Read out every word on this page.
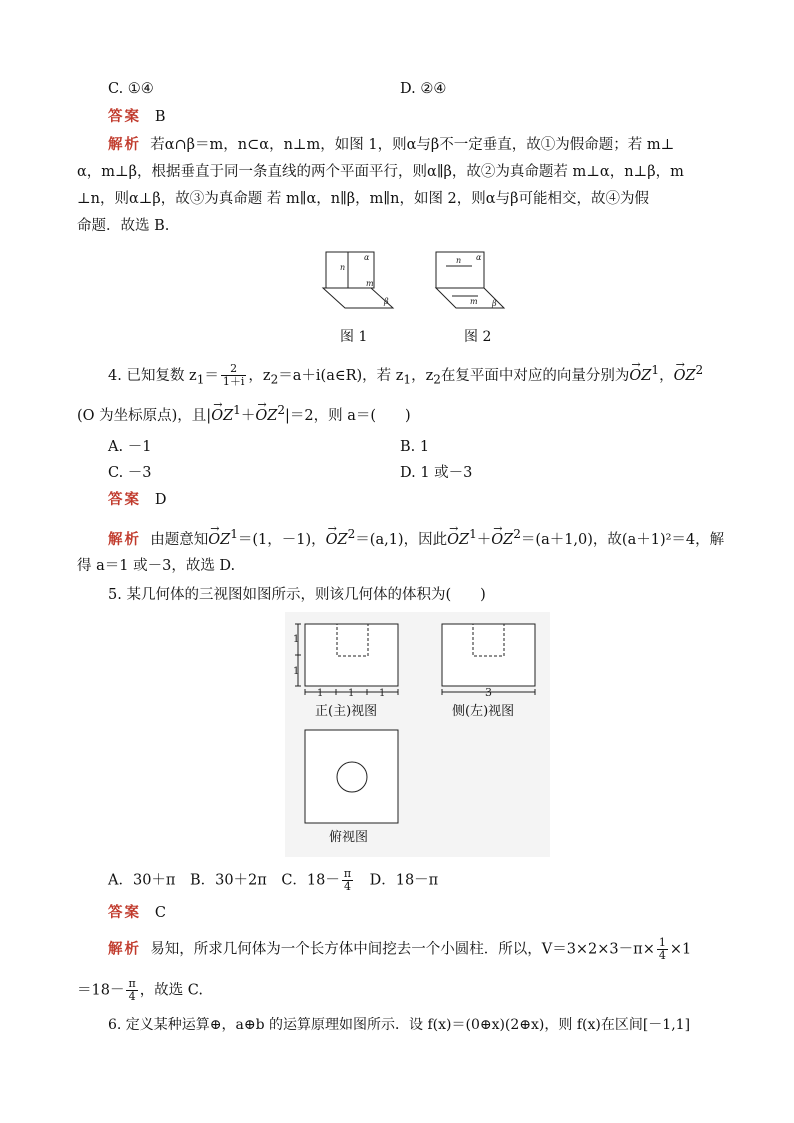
C. ①④	D. ②④
答案 B
解析 若α∩β＝m，n⊂α，n⊥m，如图 1，则α与β不一定垂直，故①为假命题；若 m⊥
α，m⊥β，根据垂直于同一条直线的两个平面平行，则α∥β，故②为真命题若 m⊥α，n⊥β，m
⊥n，则α⊥β，故③为真命题 若 m∥α，n∥β，m∥n，如图 2，则α与β可能相交，故④为假
命题．故选 B.
n
α
m
β
n α
m β
图 1	图 2
4. 已知复数 $z_1= \frac{2}{1+i}$ ，$z_2=a+i(a\in R)$，若 $z_1$，$z_2$在复平面中对应的向量分别为→ $OZ^1$，→ $OZ^2$
(O 为坐标原点)，且|→ $OZ^1+\to OZ^2|=2$，则 a＝(　　)
A. －1	B. 1
C. －3	D. 1 或－3
答案 D
解析 由题意知→ $OZ^1=(1$，－1)，→ $OZ^2=(a,1)$，因此→ $OZ^1+\to OZ^2=(a+1,0)$，故(a＋1)²＝4，解
得 a＝1 或－3，故选 D.
5. 某几何体的三视图如图所示，则该几何体的体积为(　　)
1
1
1 1 1	3
正(主)视图	侧(左)视图
俯视图
A．30＋π　B．30＋2π　C．$18- \frac{\pi}{4}$ 　D．18－π
答案 C
解析 易知，所求几何体为一个长方体中间挖去一个小圆柱．所以，$V=3\times 2\times 3-\pi\times \frac{1}{4} \times 1$
$=18- \frac{\pi}{4}$ ，故选 C.
6. 定义某种运算⊕，a⊕b 的运算原理如图所示．设 f(x)＝(0⊕x)(2⊕x)，则 f(x)在区间[－1,1]
